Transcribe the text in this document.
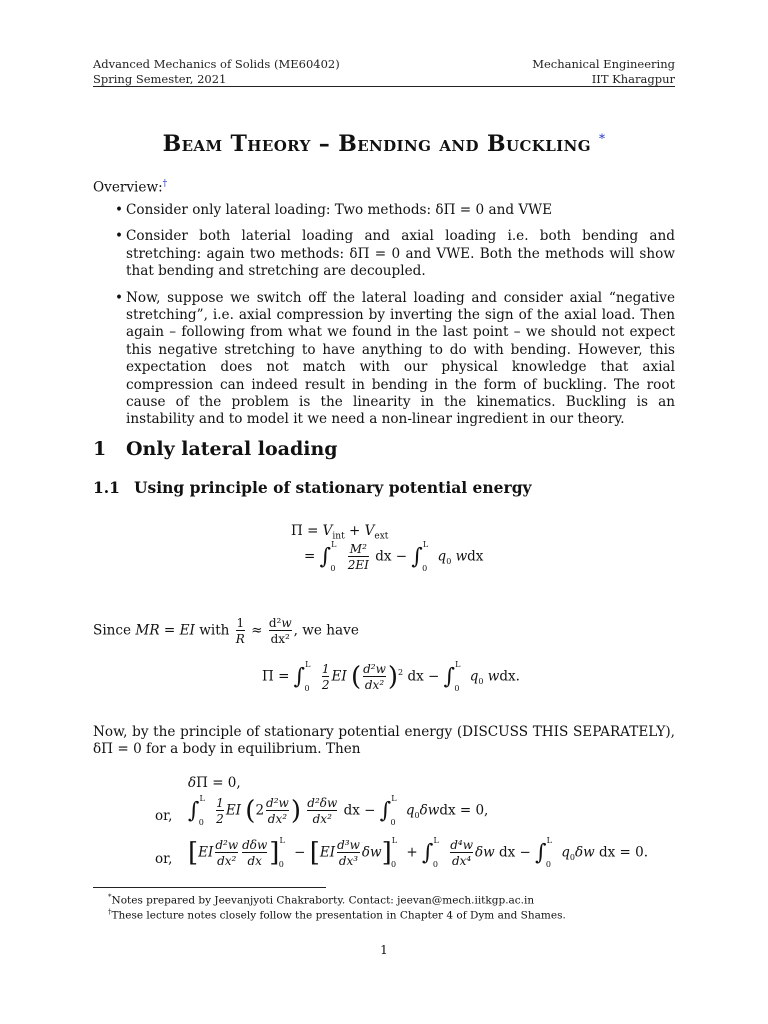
Advanced Mechanics of Solids (ME60402)
Spring Semester, 2021
Mechanical Engineering
IIT Kharagpur
Beam Theory – Bending and Buckling *
Overview:†
• Consider only lateral loading: Two methods: δΠ = 0 and VWE
• Consider both laterial loading and axial loading i.e. both bending and stretching: again two methods: δΠ = 0 and VWE. Both the methods will show that bending and stretching are decoupled.
• Now, suppose we switch off the lateral loading and consider axial “negative stretching”, i.e. axial compression by inverting the sign of the axial load. Then again – following from what we found in the last point – we should not expect this negative stretching to have anything to do with bending. However, this expectation does not match with our physical knowledge that axial compression can indeed result in bending in the form of buckling. The root cause of the problem is the linearity in the kinematics. Buckling is an instability and to model it we need a non-linear ingredient in our theory.
1 Only lateral loading
1.1 Using principle of stationary potential energy
$\Pi = V_{int} + V_{ext}$
= $\int^L_0 \frac{\text{M²}}{2EI}$ dx − ∫$^L_0$ $q_0$ wdx
Since MR = EI with $\frac{1}{R} \approx \frac{\text{d²w}}{\text{dx²}}$ , we have
$\Pi = \int^L_0 \frac{1}{2}$ EI ( $\frac{\text{d²w}}{\text{dx²}} )^2$ dx − ∫$^L_0$ $q_0$ wdx.
Now, by the principle of stationary potential energy (DISCUSS THIS SEPARATELY), δΠ = 0 for a body in equilibrium. Then
δΠ = 0,
or, $\int^L_0 \frac{1}{2}$ EI ($2 \frac{\text{d²w}}{\text{dx²}}$ ) $\frac{\text{d²δw}}{\text{dx²}}$ dx − ∫$^L_0$ $q_0\delta wdx = 0$,
or, $[EI \frac{\text{d²w}}{\text{dx²}} \frac{\text{dδw}}{dx} ]^L_0 - [EI \frac{\text{d³w}}{\text{dx³}} \delta w]^L_0 + \int^L_0 \frac{\text{d⁴w}}{\text{dx⁴}}$ δw dx − ∫$^L_0$ $q_0\delta w$ dx = 0.
*Notes prepared by Jeevanjyoti Chakraborty. Contact: jeevan@mech.iitkgp.ac.in
†These lecture notes closely follow the presentation in Chapter 4 of Dym and Shames.
1
